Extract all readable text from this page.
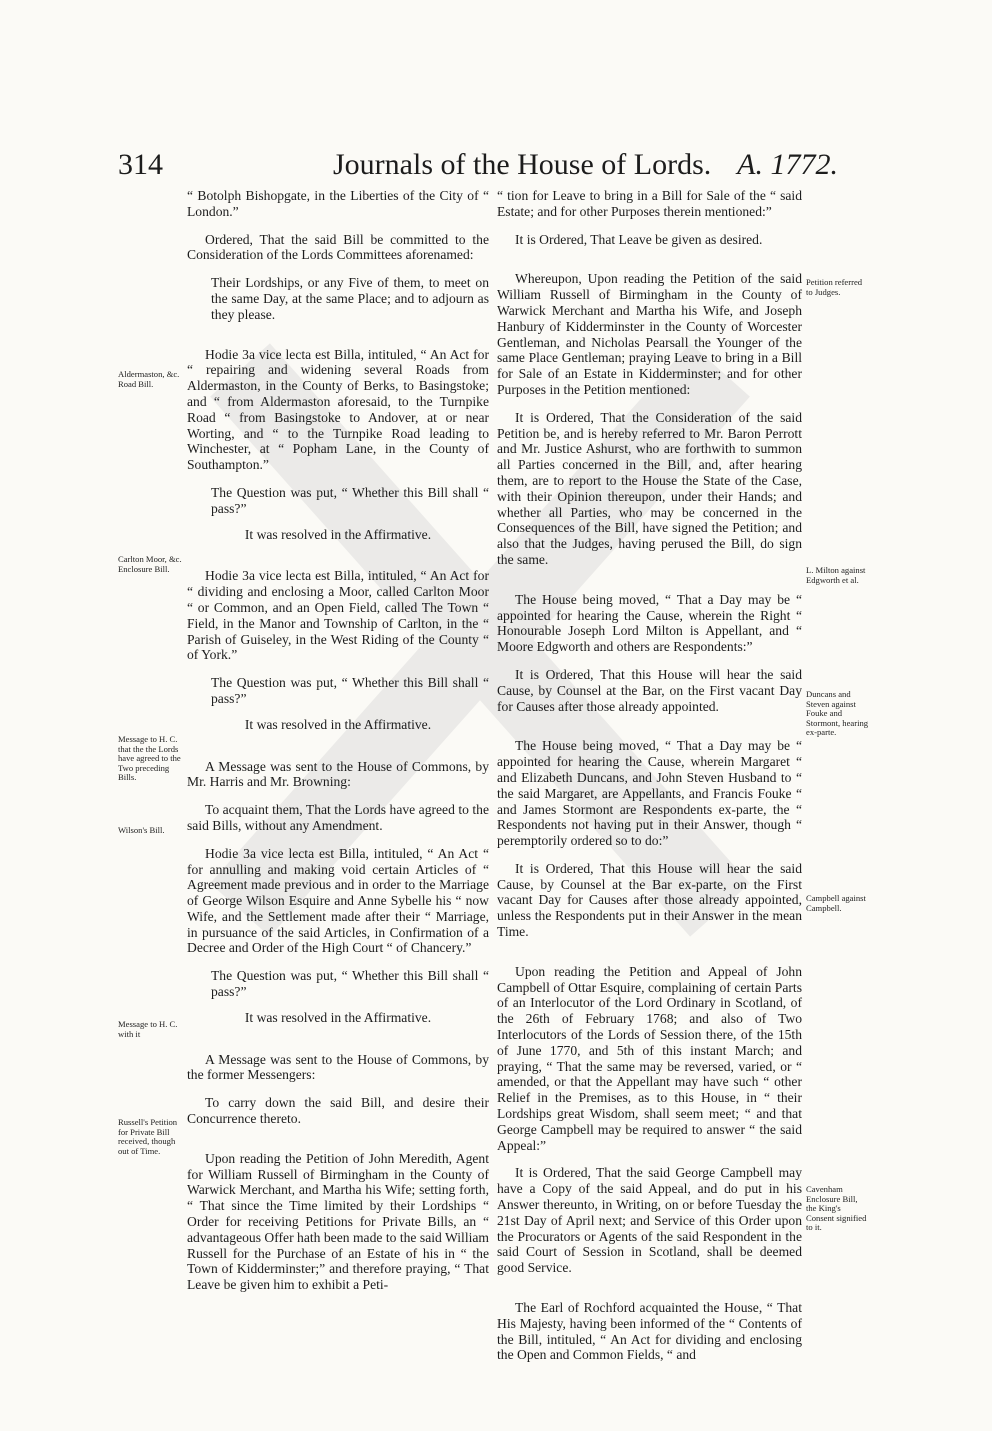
314	Journals of the House of Lords. A. 1772.

“ Botolph Bishopgate, in the Liberties of the City of “ London.”

Ordered, That the said Bill be committed to the Consideration of the Lords Committees aforenamed:

Their Lordships, or any Five of them, to meet on the same Day, at the same Place; and to adjourn as they please.

Hodie 3a vice lecta est Billa, intituled, “ An Act for “ repairing and widening several Roads from Aldermaston, in the County of Berks, to Basingstoke; and “ from Aldermaston aforesaid, to the Turnpike Road “ from Basingstoke to Andover, at or near Worting, and “ to the Turnpike Road leading to Winchester, at “ Popham Lane, in the County of Southampton.”

The Question was put, “ Whether this Bill shall “ pass?”

It was resolved in the Affirmative.

Hodie 3a vice lecta est Billa, intituled, “ An Act for “ dividing and enclosing a Moor, called Carlton Moor “ or Common, and an Open Field, called The Town “ Field, in the Manor and Township of Carlton, in the “ Parish of Guiseley, in the West Riding of the County “ of York.”

The Question was put, “ Whether this Bill shall “ pass?”

It was resolved in the Affirmative.

A Message was sent to the House of Commons, by Mr. Harris and Mr. Browning:

To acquaint them, That the Lords have agreed to the said Bills, without any Amendment.

Hodie 3a vice lecta est Billa, intituled, “ An Act “ for annulling and making void certain Articles of “ Agreement made previous and in order to the Marriage of George Wilson Esquire and Anne Sybelle his “ now Wife, and the Settlement made after their “ Marriage, in pursuance of the said Articles, in Confirmation of a Decree and Order of the High Court “ of Chancery.”

The Question was put, “ Whether this Bill shall “ pass?”

It was resolved in the Affirmative.

A Message was sent to the House of Commons, by the former Messengers:

To carry down the said Bill, and desire their Concurrence thereto.

Upon reading the Petition of John Meredith, Agent for William Russell of Birmingham in the County of Warwick Merchant, and Martha his Wife; setting forth, “ That since the Time limited by their Lordships “ Order for receiving Petitions for Private Bills, an “ advantageous Offer hath been made to the said William Russell for the Purchase of an Estate of his in “ the Town of Kidderminster;” and therefore praying, “ That Leave be given him to exhibit a Peti-

“ tion for Leave to bring in a Bill for Sale of the “ said Estate; and for other Purposes therein mentioned:”

It is Ordered, That Leave be given as desired.

Whereupon, Upon reading the Petition of the said William Russell of Birmingham in the County of Warwick Merchant and Martha his Wife, and Joseph Hanbury of Kidderminster in the County of Worcester Gentleman, and Nicholas Pearsall the Younger of the same Place Gentleman; praying Leave to bring in a Bill for Sale of an Estate in Kidderminster; and for other Purposes in the Petition mentioned:

It is Ordered, That the Consideration of the said Petition be, and is hereby referred to Mr. Baron Perrott and Mr. Justice Ashurst, who are forthwith to summon all Parties concerned in the Bill, and, after hearing them, are to report to the House the State of the Case, with their Opinion thereupon, under their Hands; and whether all Parties, who may be concerned in the Consequences of the Bill, have signed the Petition; and also that the Judges, having perused the Bill, do sign the same.

The House being moved, “ That a Day may be “ appointed for hearing the Cause, wherein the Right “ Honourable Joseph Lord Milton is Appellant, and “ Moore Edgworth and others are Respondents:”

It is Ordered, That this House will hear the said Cause, by Counsel at the Bar, on the First vacant Day for Causes after those already appointed.

The House being moved, “ That a Day may be “ appointed for hearing the Cause, wherein Margaret “ and Elizabeth Duncans, and John Steven Husband to “ the said Margaret, are Appellants, and Francis Fouke “ and James Stormont are Respondents ex-parte, the “ Respondents not having put in their Answer, though “ peremptorily ordered so to do:”

It is Ordered, That this House will hear the said Cause, by Counsel at the Bar ex-parte, on the First vacant Day for Causes after those already appointed, unless the Respondents put in their Answer in the mean Time.

Upon reading the Petition and Appeal of John Campbell of Ottar Esquire, complaining of certain Parts of an Interlocutor of the Lord Ordinary in Scotland, of the 26th of February 1768; and also of Two Interlocutors of the Lords of Session there, of the 15th of June 1770, and 5th of this instant March; and praying, “ That the same may be reversed, varied, or “ amended, or that the Appellant may have such “ other Relief in the Premises, as to this House, in “ their Lordships great Wisdom, shall seem meet; “ and that George Campbell may be required to answer “ the said Appeal:”

It is Ordered, That the said George Campbell may have a Copy of the said Appeal, and do put in his Answer thereunto, in Writing, on or before Tuesday the 21st Day of April next; and Service of this Order upon the Procurators or Agents of the said Respondent in the said Court of Session in Scotland, shall be deemed good Service.

The Earl of Rochford acquainted the House, “ That His Majesty, having been informed of the “ Contents of the Bill, intituled, “ An Act for dividing and enclosing the Open and Common Fields, “ and

Aldermaston, &c. Road Bill.
Carlton Moor, &c. Enclosure Bill.
Message to H. C. that the the Lords have agreed to the Two preceding Bills.
Wilson's Bill.
Message to H. C. with it
Russell's Petition for Private Bill received, though out of Time.
Petition referred to Judges.
L. Milton against Edgworth et al.
Duncans and Steven against Fouke and Stormont, hearing ex-parte.
Campbell against Campbell.
Cavenham Enclosure Bill, the King's Consent signified to it.
